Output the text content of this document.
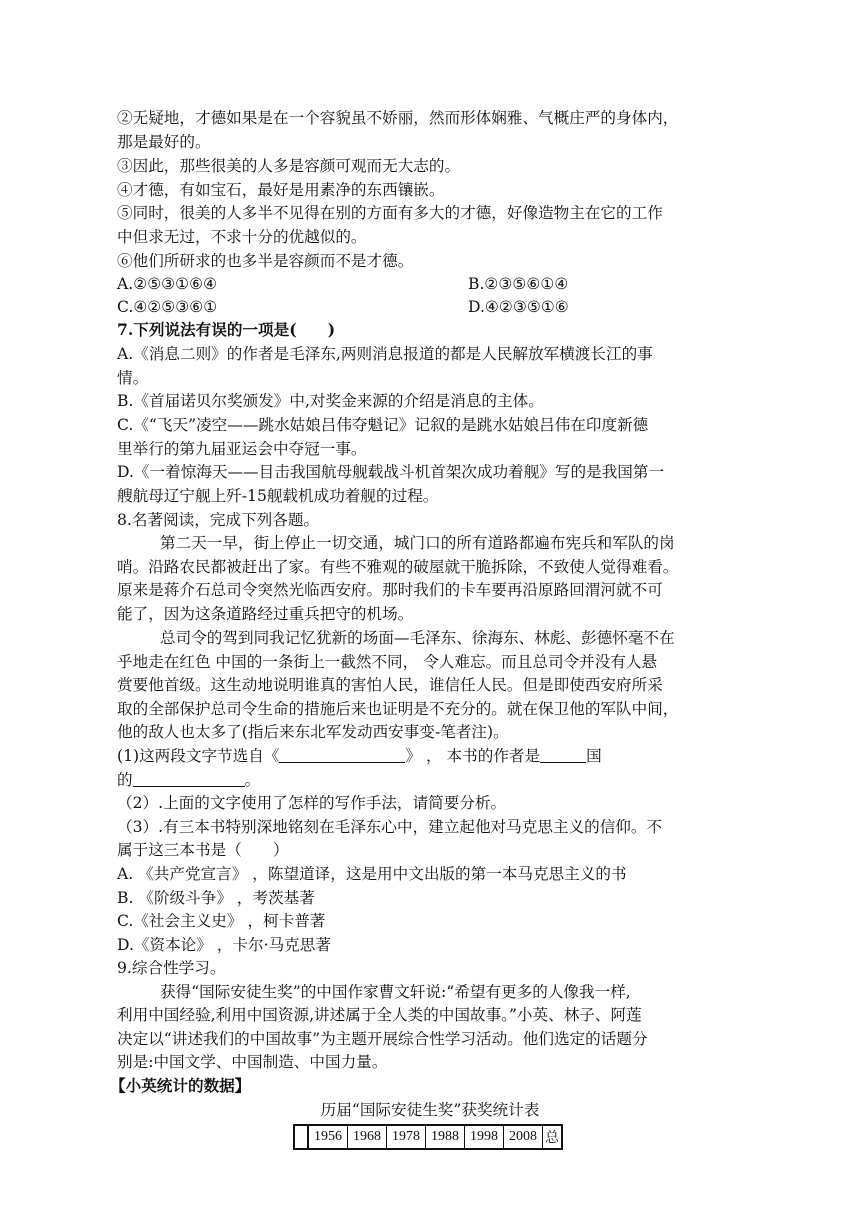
②无疑地，才德如果是在一个容貌虽不娇丽，然而形体娴雅、气概庄严的身体内，
那是最好的。
③因此，那些很美的人多是容颜可观而无大志的。
④才德，有如宝石，最好是用素净的东西镶嵌。
⑤同时，很美的人多半不见得在别的方面有多大的才德，好像造物主在它的工作
中但求无过，不求十分的优越似的。
⑥他们所研求的也多半是容颜而不是才德。
A.②⑤③①⑥④	B.②③⑤⑥①④
C.④②⑤③⑥①	D.④②③⑤①⑥
7.下列说法有误的一项是(　　)
A.《消息二则》的作者是毛泽东,两则消息报道的都是人民解放军横渡长江的事
情。
B.《首届诺贝尔奖颁发》中,对奖金来源的介绍是消息的主体。
C.《“飞天”凌空——跳水姑娘吕伟夺魁记》记叙的是跳水姑娘吕伟在印度新德
里举行的第九届亚运会中夺冠一事。
D.《一着惊海天——目击我国航母舰载战斗机首架次成功着舰》写的是我国第一
艘航母辽宁舰上歼-15舰载机成功着舰的过程。
8.名著阅读，完成下列各题。
第二天一早，街上停止一切交通，城门口的所有道路都遍布宪兵和军队的岗
哨。沿路农民都被赶出了家。有些不雅观的破屋就干脆拆除，不致使人觉得难看。
原来是蒋介石总司令突然光临西安府。那时我们的卡车要再沿原路回渭河就不可
能了，因为这条道路经过重兵把守的机场。
总司令的驾到同我记忆犹新的场面—毛泽东、徐海东、林彪、彭德怀毫不在
乎地走在红色 中国的一条街上一截然不同， 令人难忘。而且总司令并没有人悬
赏要他首级。这生动地说明谁真的害怕人民，谁信任人民。但是即使西安府所采
取的全部保护总司令生命的措施后来也证明是不充分的。就在保卫他的军队中间，
他的敌人也太多了(指后来东北军发动西安事变-笔者注)。
(1)这两段文字节选自《	》 ， 本书的作者是	国
的	。
（2）.上面的文字使用了怎样的写作手法，请简要分析。
（3）.有三本书特别深地铭刻在毛泽东心中，建立起他对马克思主义的信仰。不
属于这三本书是（　　）
A. 《共产党宣言》 ，陈望道译，这是用中文出版的第一本马克思主义的书
B. 《阶级斗争》 ，考茨基著
C.《社会主义史》 ，柯卡普著
D.《资本论》 ，卡尔·马克思著
9.综合性学习。
获得“国际安徒生奖”的中国作家曹文轩说:“希望有更多的人像我一样,
利用中国经验,利用中国资源,讲述属于全人类的中国故事。”小英、林子、阿莲
决定以“讲述我们的中国故事”为主题开展综合性学习活动。他们选定的话题分
别是:中国文学、中国制造、中国力量。
【小英统计的数据】
历届“国际安徒生奖”获奖统计表
	1956	1968	1978	1988	1998	2008	总
